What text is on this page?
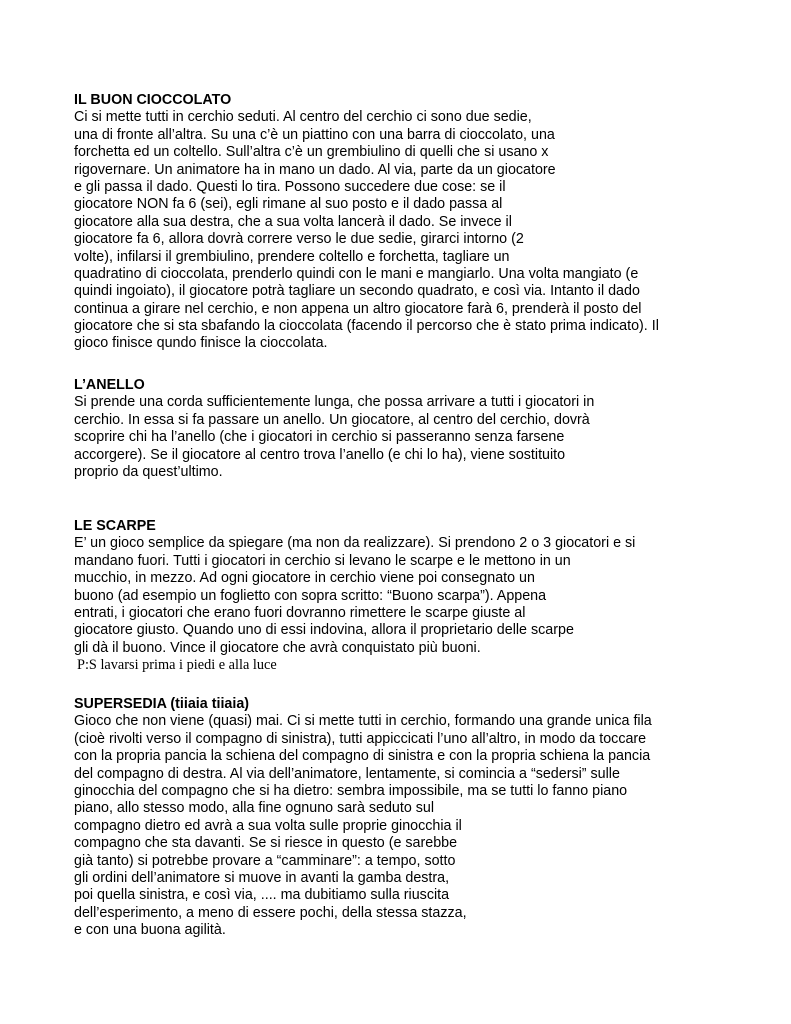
IL BUON CIOCCOLATO
Ci si mette tutti in cerchio seduti. Al centro del cerchio ci sono due sedie,
una di fronte all’altra. Su una c’è un piattino con una barra di cioccolato, una
forchetta ed un coltello. Sull’altra c’è un grembiulino di quelli che si usano x
rigovernare. Un animatore ha in mano un dado. Al via, parte da un giocatore
e gli passa il dado. Questi lo tira. Possono succedere due cose: se il
giocatore NON fa 6 (sei), egli rimane al suo posto e il dado passa al
giocatore alla sua destra, che a sua volta lancerà il dado. Se invece il
giocatore fa 6, allora dovrà correre verso le due sedie, girarci intorno (2
volte), infilarsi il grembiulino, prendere coltello e forchetta, tagliare un
quadratino di cioccolata, prenderlo quindi con le mani e mangiarlo. Una volta mangiato (e
quindi ingoiato), il giocatore potrà tagliare un secondo quadrato, e così via. Intanto il dado
continua a girare nel cerchio, e non appena un altro giocatore farà 6, prenderà il posto del
giocatore che si sta sbafando la cioccolata (facendo il percorso che è stato prima indicato). Il
gioco finisce qundo finisce la cioccolata.
L’ANELLO
Si prende una corda sufficientemente lunga, che possa arrivare a tutti i giocatori in
cerchio. In essa si fa passare un anello. Un giocatore, al centro del cerchio, dovrà
scoprire chi ha l’anello (che i giocatori in cerchio si passeranno senza farsene
accorgere). Se il giocatore al centro trova l’anello (e chi lo ha), viene sostituito
proprio da quest’ultimo.
LE SCARPE
E’ un gioco semplice da spiegare (ma non da realizzare). Si prendono 2 o 3 giocatori e si
mandano fuori. Tutti i giocatori in cerchio si levano le scarpe e le mettono in un
mucchio, in mezzo. Ad ogni giocatore in cerchio viene poi consegnato un
buono (ad esempio un foglietto con sopra scritto: “Buono scarpa”). Appena
entrati, i giocatori che erano fuori dovranno rimettere le scarpe giuste al
giocatore giusto. Quando uno di essi indovina, allora il proprietario delle scarpe
gli dà il buono. Vince il giocatore che avrà conquistato più buoni.
P:S lavarsi prima i piedi e alla luce
SUPERSEDIA (tiiaia tiiaia)
Gioco che non viene (quasi) mai. Ci si mette tutti in cerchio, formando una grande unica fila
(cioè rivolti verso il compagno di sinistra), tutti appiccicati l’uno all’altro, in modo da toccare
con la propria pancia la schiena del compagno di sinistra e con la propria schiena la pancia
del compagno di destra. Al via dell’animatore, lentamente, si comincia a “sedersi” sulle
ginocchia del compagno che si ha dietro: sembra impossibile, ma se tutti lo fanno piano
piano, allo stesso modo, alla fine ognuno sarà seduto sul
compagno dietro ed avrà a sua volta sulle proprie ginocchia il
compagno che sta davanti. Se si riesce in questo (e sarebbe
già tanto) si potrebbe provare a “camminare”: a tempo, sotto
gli ordini dell’animatore si muove in avanti la gamba destra,
poi quella sinistra, e così via, .... ma dubitiamo sulla riuscita
dell’esperimento, a meno di essere pochi, della stessa stazza,
e con una buona agilità.
